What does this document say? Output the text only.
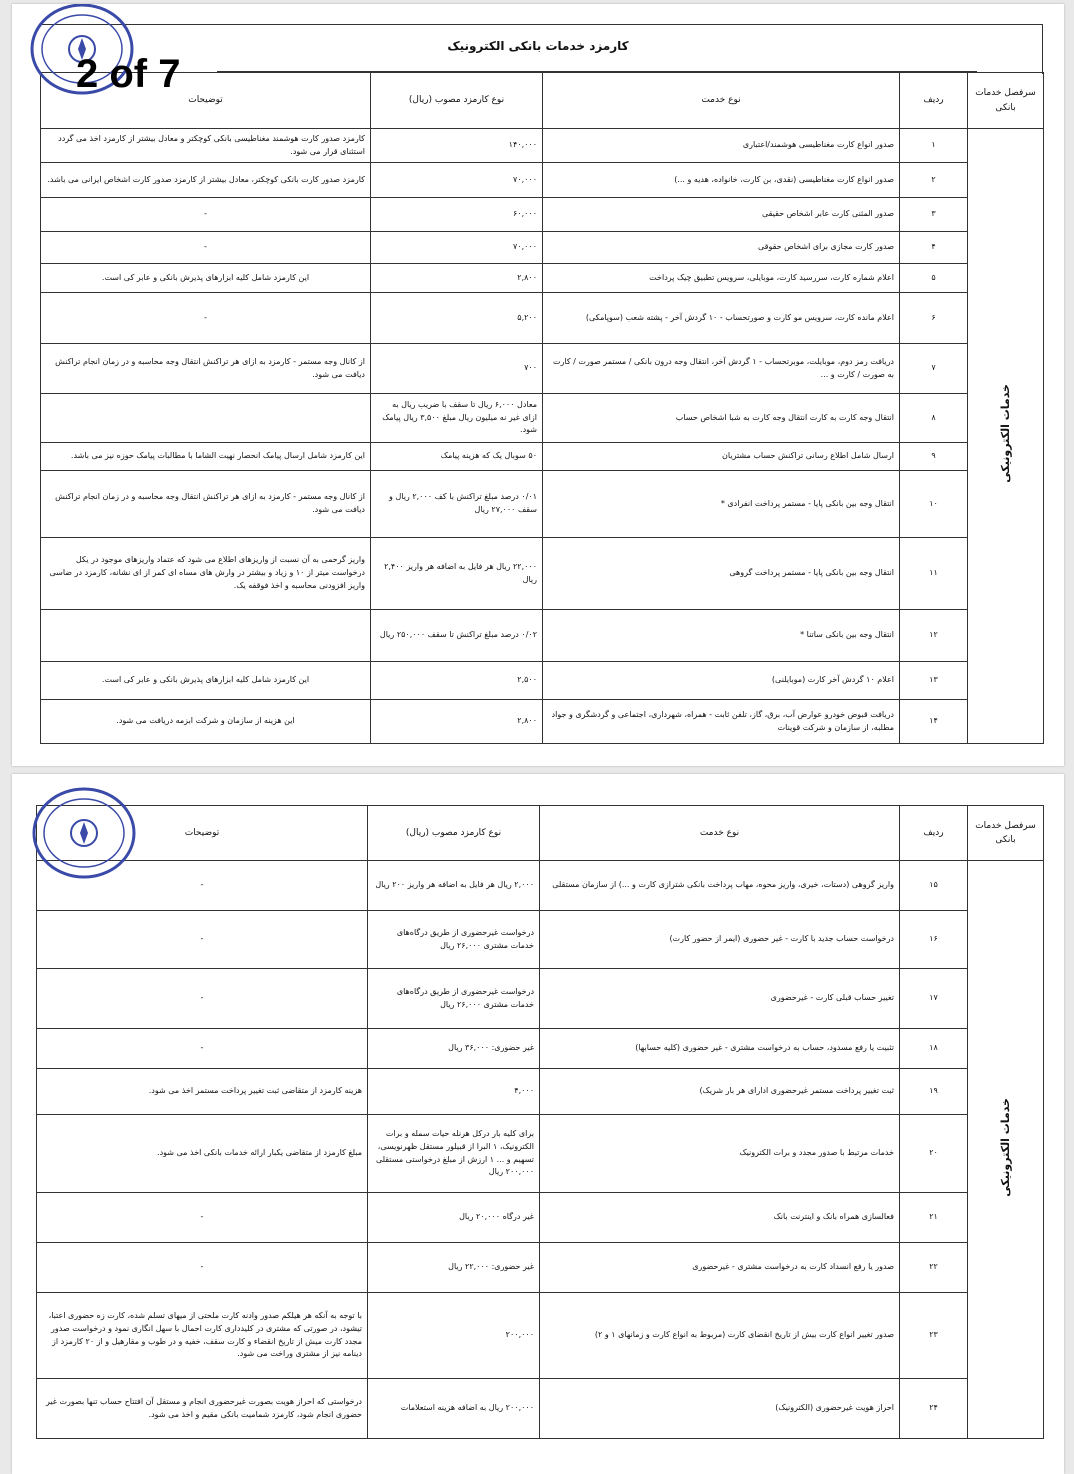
کارمزد خدمات بانکی الکترونیک
سرفصل خدمات بانکی	ردیف	نوع خدمت	نوع کارمزد مصوب (ریال)	توضیحات
خدمات الکترونیکی	۱	صدور انواع کارت مغناطیسی هوشمند/اعتباری	۱۴۰,۰۰۰	کارمزد صدور کارت هوشمند مغناطیسی بانکی کوچکتر و معادل بیشتر از کارمزد اخذ می گردد استثنای قرار می شود.
	۲	صدور انواع کارت مغناطیسی (نقدی، بن کارت، خانواده، هدیه و ...)	۷۰,۰۰۰	کارمزد صدور کارت بانکی کوچکتر، معادل بیشتر از کارمزد صدور کارت اشخاص ایرانی می باشد.
	۳	صدور المثنی کارت عابر اشخاص حقیقی	۶۰,۰۰۰	-
	۴	صدور کارت مجازی برای اشخاص حقوقی	۷۰,۰۰۰	-
	۵	اعلام شماره کارت، سررسید کارت، موبایلی، سرویس تطبیق چیک پرداخت	۲,۸۰۰	این کارمزد شامل کلیه ابزارهای پذیرش بانکی و عابر کی است.
	۶	اعلام مانده کارت، سرویس مو کارت و صورتحساب - ۱۰ گردش آخر - پشته شعب (سوپامکی)	۵,۲۰۰	-
	۷	دریافت رمز دوم، موبایلت، موبرتحساب - ۱ گردش آخر، انتقال وجه درون بانکی / مستمر صورت / کارت به صورت / کارت و ...	۷۰۰	از کانال وجه مستمر - کارمزد به ازای هر تراکنش انتقال وجه محاسبه و در زمان انجام تراکنش دیافت می شود.
	۸	انتقال وجه کارت به کارت انتقال وجه کارت به شبا اشخاص حساب	معادل ۶,۰۰۰ ریال تا سقف با ضریب ریال به ازای غیر نه میلیون ریال مبلغ ۳,۵۰۰ ریال پیامک شود.	
	۹	ارسال شامل اطلاع رسانی تراکنش حساب مشتریان	۵۰ سوبال یک که هزینه پیامک	این کارمزد شامل ارسال پیامک انحصار نهیت الشاما با مطالبات پیامک حوزه نیز می باشد.
	۱۰	انتقال وجه بین بانکی پایا - مستمر پرداخت انفرادی *	۰/۰۱ درصد مبلغ تراکنش با کف ۲,۰۰۰ ریال و سقف ۲۷,۰۰۰ ریال	از کانال وجه مستمر - کارمزد به ازای هر تراکنش انتقال وجه محاسبه و در زمان انجام تراکنش دیافت می شود.
	۱۱	انتقال وجه بین بانکی پایا - مستمر پرداخت گروهی	۲۲,۰۰۰ ریال هر فایل به اضافه هر واریز ۲,۴۰۰ ریال	واریز گرحمی به آن نسبت از واریزهای اطلاع می شود که عتماد واریزهای موجود در یکل درخواست میتر از ۱۰ و زیاد و بیشتر در وارش های مساه ای کمر از ای نشانه، کارمزد در ضاسی واریز افزودنی محاسبه و اخذ فوقفه یک.
	۱۲	انتقال وجه بین بانکی ساتنا *	۰/۰۲ درصد مبلغ تراکنش تا سقف ۲۵۰,۰۰۰ ریال	
	۱۳	اعلام ۱۰ گردش آخر کارت (موبایلنی)	۲,۵۰۰	این کارمزد شامل کلیه ابزارهای پذیرش بانکی و عابر کی است.
	۱۴	دریافت قبوض خودرو عوارض آب، برق، گاز، تلفن ثابت - همراه، شهرداری، اجتماعی و گردشگری و جواد مطلبه، از سازمان و شرکت قوینات	۲,۸۰۰	این هزینه از سازمان و شرکت ابزمه دریافت می شود.
2 of 7
سرفصل خدمات بانکی	ردیف	نوع خدمت	نوع کارمزد مصوب (ریال)	توضیحات
خدمات الکترونیکی	۱۵	واریز گروهی (دستات، خیری، واریز محوه، مهاب پرداخت بانکی شترازی کارت و ...) از سازمان مستقلی	۲,۰۰۰ ریال هر فایل به اضافه هر واریز ۲۰۰ ریال	-
	۱۶	درخواست حساب جدید با کارت - غیر حضوری (ایمر از حضور کارت)	درخواست غیرحضوری از طریق درگاه‌های خدمات مشتری ۲۶,۰۰۰ ریال	-
	۱۷	تغییر حساب قبلی کارت - غیرحضوری	درخواست غیرحضوری از طریق درگاه‌های خدمات مشتری ۲۶,۰۰۰ ریال	-
	۱۸	تثبیت یا رفع مسدود، حساب به درخواست مشتری - غیر حضوری (کلیه حسابها)	غیر حضوری: ۳۶,۰۰۰ ریال	-
	۱۹	ثبت تغییر پرداخت مستمر غیرحضوری ادارای هر بار شریک)	۴,۰۰۰	هزینه کارمزد از متقاضی ثبت تغییر پرداخت مستمر اخذ می شود.
	۲۰	خدمات مرتبط با صدور مجدد و برات الکترونیک	برای کلیه بار درکل هرنله حیات سمله و برات الکترونیک، ۱ البرا از قبیلور مستقل ظهرنویسی، تسهیم و ... ۱ ارزش از مبلغ درخواستی مستقلی ۲۰۰,۰۰۰ ریال	مبلغ کارمزد از متقاضی یکبار ارائه خدمات بانکی اخذ می شود.
	۲۱	فعالسازی همراه بانک و اینترنت بانک	غیر درگاه ۲۰,۰۰۰ ریال	-
	۲۲	صدور یا رفع انسداد کارت به درخواست مشتری - غیرحضوری	غیر حضوری: ۲۲,۰۰۰ ریال	-
	۲۳	صدور تغییر انواع کارت بیش از تاریخ انقضای کارت (مربوط به انواع کارت و زمانهای ۱ و ۲)	۲۰۰,۰۰۰	با توجه به آنکه هر هیلکم صدور وادنه کارت ملحتی از میهای تسلم شده، کارت زه حضوری اعتبا، تیشود، در صورتی که مشتری در کلیدداری کارت احمال با سهل انگاری نمود و درخواست صدور مجدد کارت میش از تاریخ انقضاء و کارت سقف، خفیه و در طوب و مقارهیل و از ۲۰ کارمزد از دینامه نیز از مشتری وراخت می شود.
	۲۴	احراز هویت غیرحضوری (الکترونیک)	۲۰۰,۰۰۰ ریال به اضافه هزینه استعلامات	درخواستی که احراز هویت بصورت غیرحضوری انجام و مستقل آن افتتاح حساب تنها بصورت غیر حضوری انجام شود، کارمزد شمامیت بانکی مقیم و اخذ می شود.
